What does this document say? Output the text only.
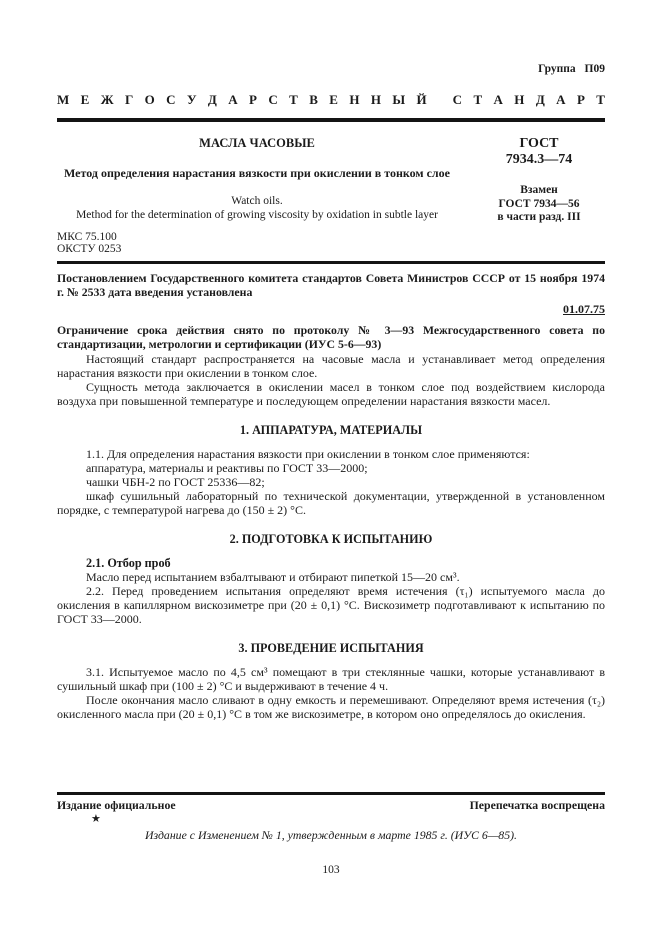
Группа П09
М Е Ж Г О С У Д А Р С Т В Е Н Н Ы Й
С Т А Н Д А Р Т
МАСЛА ЧАСОВЫЕ
Метод определения нарастания вязкости при окислении в тонком слое
Watch oils.
Method for the determination of growing viscosity by oxidation in subtle layer
ГОСТ
7934.3—74
Взамен
ГОСТ 7934—56
в части разд. III
МКС 75.100
ОКСТУ 0253

Постановлением Государственного комитета стандартов Совета Министров СССР от 15 ноября 1974 г. № 2533 дата введения установлена

01.07.75

Ограничение срока действия снято по протоколу № 3—93 Межгосударственного совета по стандартизации, метрологии и сертификации (ИУС 5-6—93)

Настоящий стандарт распространяется на часовые масла и устанавливает метод определения нарастания вязкости при окислении в тонком слое.

Сущность метода заключается в окислении масел в тонком слое под воздействием кислорода воздуха при повышенной температуре и последующем определении нарастания вязкости масел.

1. АППАРАТУРА, МАТЕРИАЛЫ

1.1. Для определения нарастания вязкости при окислении в тонком слое применяются:

аппаратура, материалы и реактивы по ГОСТ 33—2000;

чашки ЧБН-2 по ГОСТ 25336—82;

шкаф сушильный лабораторный по технической документации, утвержденной в установленном порядке, с температурой нагрева до (150 ± 2) °С.

2. ПОДГОТОВКА К ИСПЫТАНИЮ

2.1. Отбор проб

Масло перед испытанием взбалтывают и отбирают пипеткой 15—20 см³.

2.2. Перед проведением испытания определяют время истечения (τ₁) испытуемого масла до окисления в капиллярном вискозиметре при (20 ± 0,1) °С. Вискозиметр подготавливают к испытанию по ГОСТ 33—2000.

3. ПРОВЕДЕНИЕ ИСПЫТАНИЯ

3.1. Испытуемое масло по 4,5 см³ помещают в три стеклянные чашки, которые устанавливают в сушильный шкаф при (100 ± 2) °С и выдерживают в течение 4 ч.

После окончания масло сливают в одну емкость и перемешивают. Определяют время истечения (τ₂) окисленного масла при (20 ± 0,1) °С в том же вискозиметре, в котором оно определялось до окисления.

Издание официальное	Перепечатка воспрещена
★
Издание с Изменением № 1, утвержденным в марте 1985 г. (ИУС 6—85).
103
